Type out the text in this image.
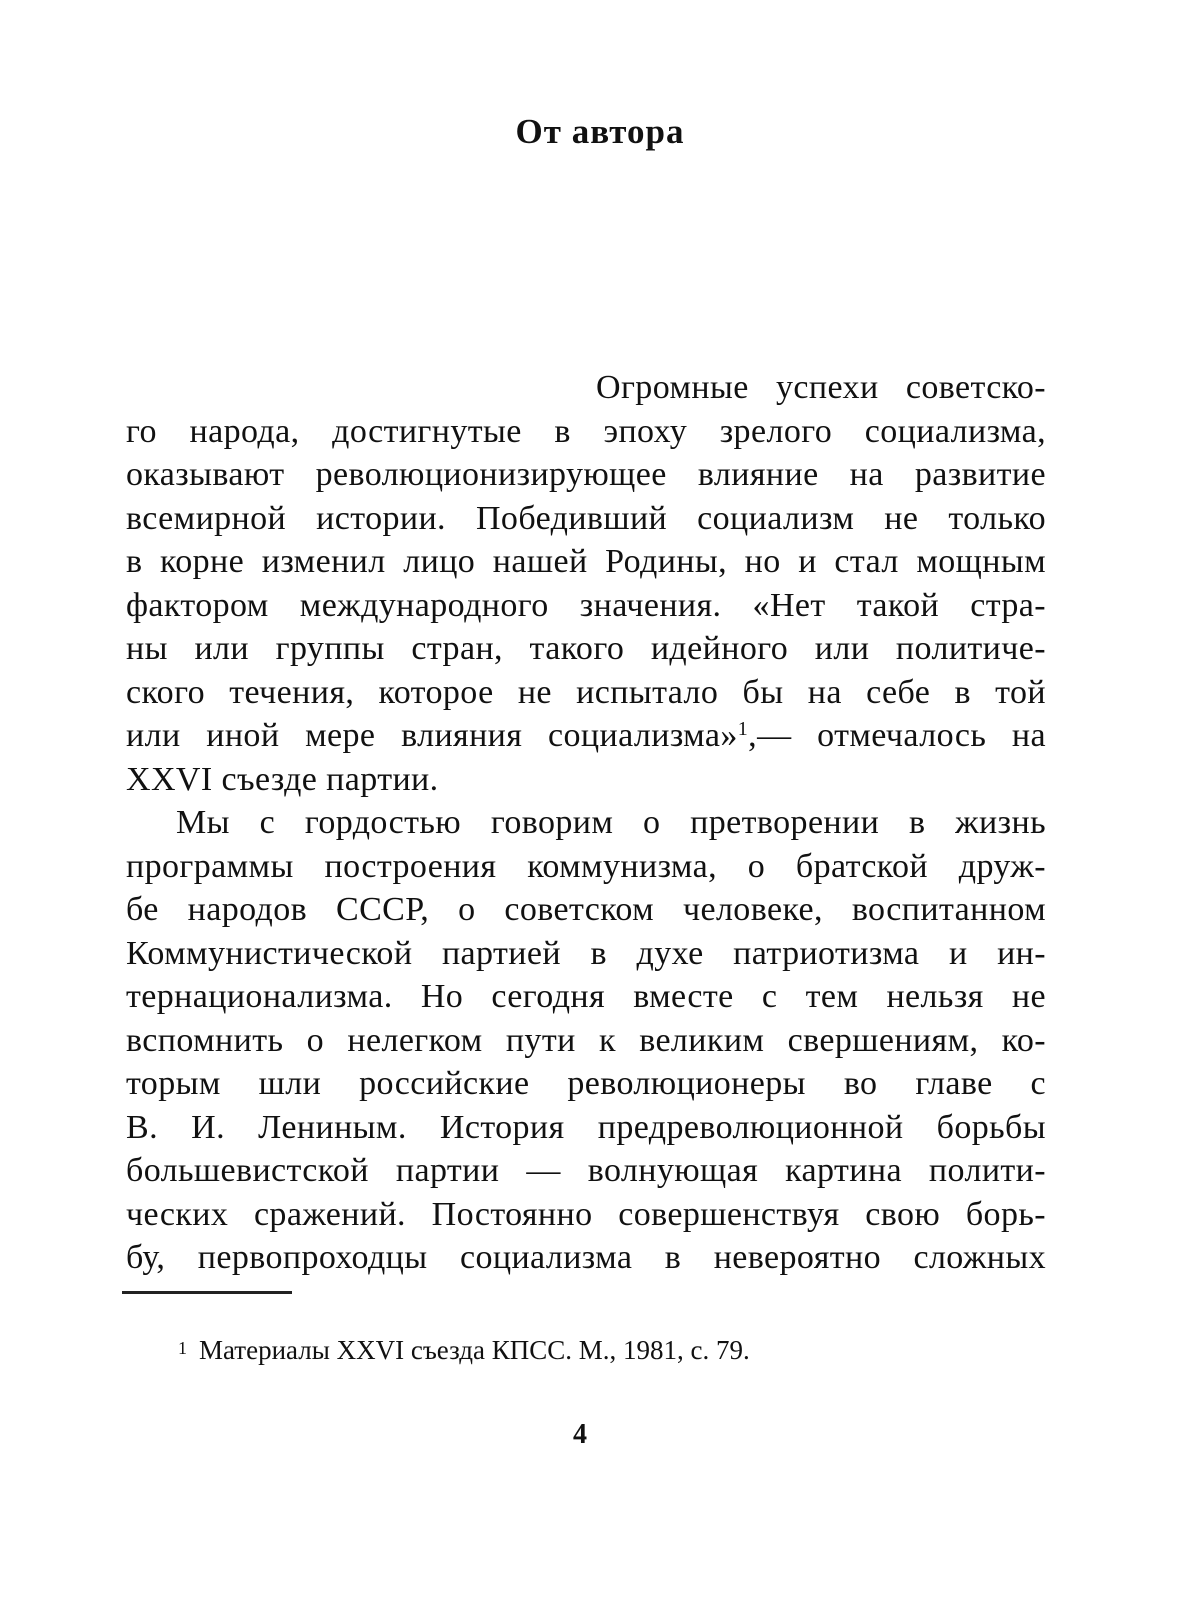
От автора
Огромные успехи советско-
го народа, достигнутые в эпоху зрелого социализма,
оказывают революционизирующее влияние на развитие
всемирной истории. Победивший социализм не только
в корне изменил лицо нашей Родины, но и стал мощным
фактором международного значения. «Нет такой стра-
ны или группы стран, такого идейного или политиче-
ского течения, которое не испытало бы на себе в той
или иной мере влияния социализма»$^1$,— отмечалось на
XXVI съезде партии.
Мы с гордостью говорим о претворении в жизнь
программы построения коммунизма, о братской друж-
бе народов СССР, о советском человеке, воспитанном
Коммунистической партией в духе патриотизма и ин-
тернационализма. Но сегодня вместе с тем нельзя не
вспомнить о нелегком пути к великим свершениям, ко-
торым шли российские революционеры во главе с
В. И. Лениным. История предреволюционной борьбы
большевистской партии — волнующая картина полити-
ческих сражений. Постоянно совершенствуя свою борь-
бу, первопроходцы социализма в невероятно сложных
$^1$ Материалы XXVI съезда КПСС. М., 1981, с. 79.
4
